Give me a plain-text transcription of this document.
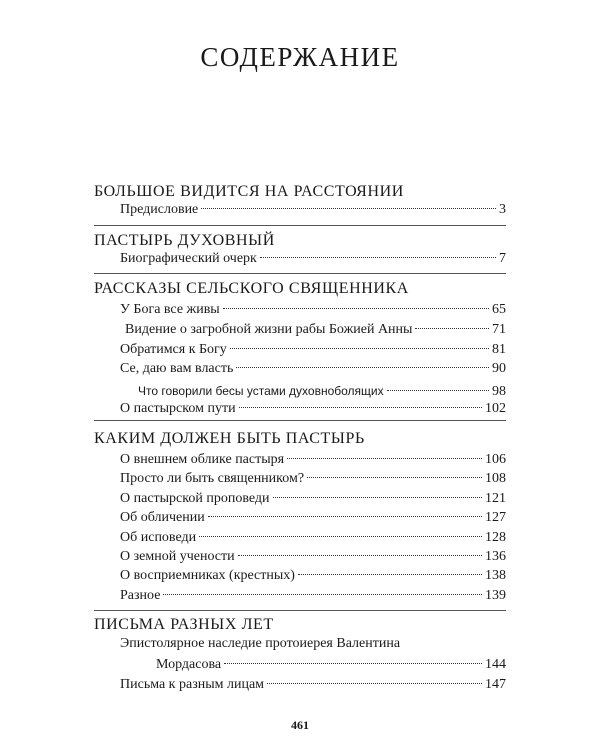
СОДЕРЖАНИЕ
БОЛЬШОЕ ВИДИТСЯ НА РАССТОЯНИИ
Предисловие	3
ПАСТЫРЬ ДУХОВНЫЙ
Биографический очерк	7
РАССКАЗЫ СЕЛЬСКОГО СВЯЩЕННИКА
У Бога все живы	65
Видение о загробной жизни рабы Божией Анны	71
Обратимся к Богу	81
Се, даю вам власть	90
Что говорили бесы устами духовноболящих	98
О пастырском пути	102
КАКИМ ДОЛЖЕН БЫТЬ ПАСТЫРЬ
О внешнем облике пастыря	106
Просто ли быть священником?	108
О пастырской проповеди	121
Об обличении	127
Об исповеди	128
О земной учености	136
О восприемниках (крестных)	138
Разное	139
ПИСЬМА РАЗНЫХ ЛЕТ
Эпистолярное наследие протоиерея Валентина
Мордасова	144
Письма к разным лицам	147
461
